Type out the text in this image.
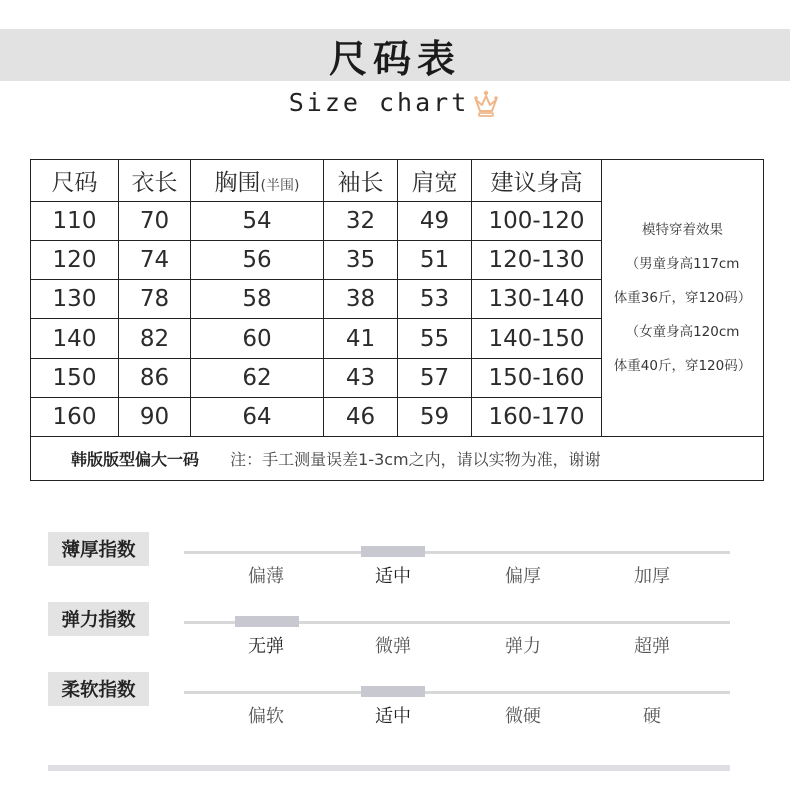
尺码表
Size chart
尺码	衣长	胸围(半围)	袖长	肩宽	建议身高	模特穿着效果
（男童身高117cm
体重36斤，穿120码）
（女童身高120cm
体重40斤，穿120码）

110	70	54	32	49	100-120	
120	74	56	35	51	120-130	
130	78	58	38	53	130-140	
140	82	60	41	55	140-150	
150	86	62	43	57	150-160	
160	90	64	46	59	160-170	
韩版版型偏大一码 注：手工测量误差1-3cm之内，请以实物为准，谢谢						
薄厚指数
偏薄	适中	偏厚	加厚
弹力指数
无弹	微弹	弹力	超弹
柔软指数
偏软	适中	微硬	硬
